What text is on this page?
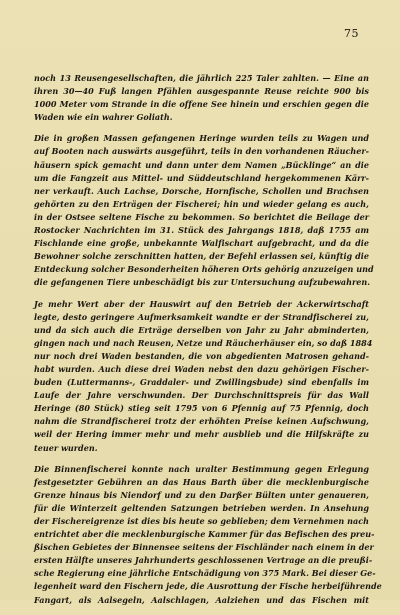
75
noch 13 Reusengesellschaften, die jährlich 225 Taler zahlten. — Eine an
ihren 30—40 Fuß langen Pfählen ausgespannte Reuse reichte 900 bis
1000 Meter vom Strande in die offene See hinein und erschien gegen die
Waden wie ein wahrer Goliath.
Die in großen Massen gefangenen Heringe wurden teils zu Wagen und
auf Booten nach auswärts ausgeführt, teils in den vorhandenen Räucher-
häusern spick gemacht und dann unter dem Namen „Bücklinge“ an die
um die Fangzeit aus Mittel- und Süddeutschland hergekommenen Kärr-
ner verkauft. Auch Lachse, Dorsche, Hornfische, Schollen und Brachsen
gehörten zu den Erträgen der Fischerei; hin und wieder gelang es auch,
in der Ostsee seltene Fische zu bekommen. So berichtet die Beilage der
Rostocker Nachrichten im 31. Stück des Jahrgangs 1818, daß 1755 am
Fischlande eine große, unbekannte Walfischart aufgebracht, und da die
Bewohner solche zerschnitten hatten, der Befehl erlassen sei, künftig die
Entdeckung solcher Besonderheiten höheren Orts gehörig anzuzeigen und
die gefangenen Tiere unbeschädigt bis zur Untersuchung aufzubewahren.
Je mehr Wert aber der Hauswirt auf den Betrieb der Ackerwirtschaft
legte, desto geringere Aufmerksamkeit wandte er der Strandfischerei zu,
und da sich auch die Erträge derselben von Jahr zu Jahr abminderten,
gingen nach und nach Reusen, Netze und Räucherhäuser ein, so daß 1884
nur noch drei Waden bestanden, die von abgedienten Matrosen gehand-
habt wurden. Auch diese drei Waden nebst den dazu gehörigen Fischer-
buden (Luttermanns-, Graddaler- und Zwillingsbude) sind ebenfalls im
Laufe der Jahre verschwunden. Der Durchschnittspreis für das Wall
Heringe (80 Stück) stieg seit 1795 von 6 Pfennig auf 75 Pfennig, doch
nahm die Strandfischerei trotz der erhöhten Preise keinen Aufschwung,
weil der Hering immer mehr und mehr ausblieb und die Hilfskräfte zu
teuer wurden.
Die Binnenfischerei konnte nach uralter Bestimmung gegen Erlegung
festgesetzter Gebühren an das Haus Barth über die mecklenburgische
Grenze hinaus bis Niendorf und zu den Darßer Bülten unter genaueren,
für die Winterzeit geltenden Satzungen betrieben werden. In Ansehung
der Fischereigrenze ist dies bis heute so geblieben; dem Vernehmen nach
entrichtet aber die mecklenburgische Kammer für das Befischen des preu-
ßischen Gebietes der Binnensee seitens der Fischländer nach einem in der
ersten Hälfte unseres Jahrhunderts geschlossenen Vertrage an die preußi-
sche Regierung eine jährliche Entschädigung von 375 Mark. Bei dieser Ge-
legenheit ward den Fischern jede, die Ausrottung der Fische herbeiführende
Fangart, als Aalsegeln, Aalschlagen, Aalziehen und das Fischen mit
